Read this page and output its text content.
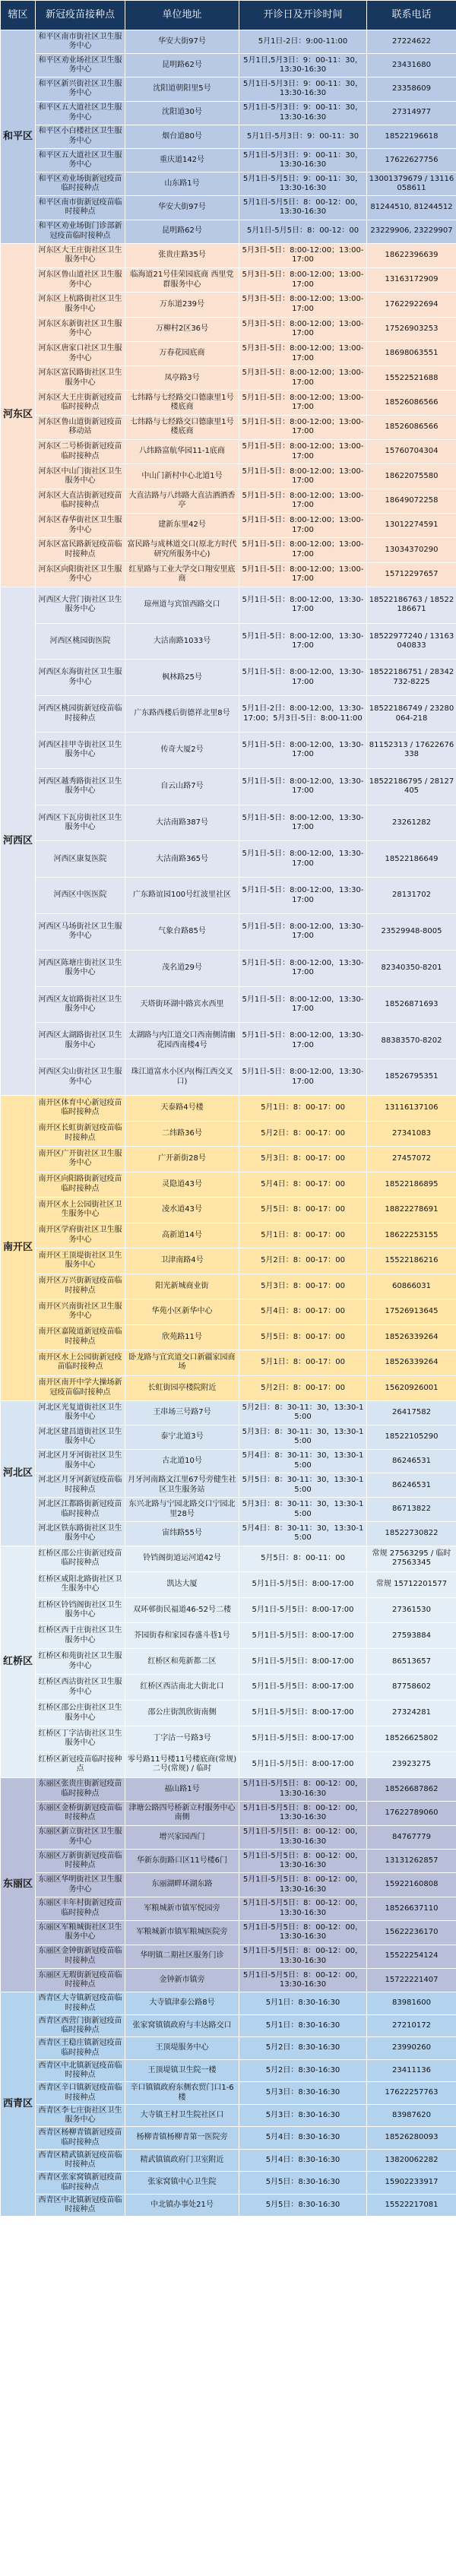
辖区	新冠疫苗接种点	单位地址	开诊日及开诊时间	联系电话
和平区	和平区南市街社区卫生服务中心	华安大街97号	5月1日-2日：9:00-11:00	27224622
	和平区劝业场社区卫生服务中心	昆明路62号	5月1日,5月3日：9：00-11：30，13:30-16:30	23431680
	和平区新兴街社区卫生服务中心	沈阳道朝阳里5号	5月1日-5月3日：9：00-11：30，13:30-16:30	23358609
	和平区五大道社区卫生服务中心	沈阳道30号	5月1日-5月3日：9：00-11：30，13:30-16:30	27314977
	和平区小白楼社区卫生服务中心	烟台道80号	5月1日-5月3日：9：00-11：30	18522196618
	和平区五大道社区卫生服务中心	重庆道142号	5月1日-5月3日：9：00-11：30，13:30-16:30	17622627756
	和平区劝业场街新冠疫苗临时接种点	山东路1号	5月1日-5月5日：9：00-11：30，13:30-16:30	13001379679 / 13116058611
	和平区南市街新冠疫苗临时接种点	华安大街97号	5月1日-5月5日：8：00-12：00，13:30-16:30	81244510, 81244512
	和平区劝业场街门诊部新冠疫苗临时接种点	昆明路62号	5月1日-5月5日：8：00-12：00	23229906, 23229907
河东区	河东区大王庄街社区卫生服务中心	张贵庄路35号	5月3日-5日：8:00-12:00；13:00-17:00	18622396639
	河东区鲁山道社区卫生服务中心	临海道21号佳荣园底商 西里党群服务中心	5月3日-5日：8:00-12:00；13:00-17:00	13163172909
	河东区上杭路街社区卫生服务中心	万东道239号	5月3日-5日：8:00-12:00；13:00-17:00	17622922694
	河东区东新街社区卫生服务中心	万柳村2区36号	5月3日-5日：8:00-12:00；13:00-17:00	17526903253
	河东区唐家口社区卫生服务中心	万春花园底商	5月3日-5日：8:00-12:00；13:00-17:00	18698063551
	河东区富民路街社区卫生服务中心	凤亭路3号	5月3日-5日：8:00-12:00；13:00-17:00	15522521688
	河东区大王庄街新冠疫苗临时接种点	七纬路与七经路交口德康里1号楼底商	5月1日-5日：8:00-12:00；13:00-17:00	18526086566
	河东区鲁山道街新冠疫苗移动站	七纬路与七经路交口德康里1号楼底商	5月1日-5日：8:00-12:00；13:00-17:00	18526086566
	河东区二号桥街新冠疫苗临时接种点	八纬路富航华园11-1底商	5月1日-5日：8:00-12:00；13:00-17:00	15760704304
	河东区中山门街社区卫生服务中心	中山门新村中心北道1号	5月1日-5日：8:00-12:00；13:00-17:00	18622075580
	河东区大直沽街新冠疫苗临时接种点	大直沽路与八纬路大直沽酒酒香亭	5月1日-5日：8:00-12:00；13:00-17:00	18649072258
	河东区春华街社区卫生服务中心	建新东里42号	5月1日-5日：8:00-12:00；13:00-17:00	13012274591
	河东区富民路新冠疫苗临时接种点	富民路与成林道交口(原北方时代研究所服务中心)	5月1日-5日：8:00-12:00；13:00-17:00	13034370290
	河东区向阳街社区卫生服务中心	红星路与工业大学交口翔安里底商	5月1日-5日：8:00-12:00；13:00-17:00	15712297657
河西区	河西区大营门街社区卫生服务中心	琼州道与宾馆西路交口	5月1日-5日：8:00-12:00，13:30-17:00	18522186763 / 18522186671
	河西区桃园街医院	大沽南路1033号	5月1日-5日：8:00-12:00，13:30-17:00	18522977240 / 13163040833
	河西区东海街社区卫生服务中心	枫林路25号	5月1日-5日：8:00-12:00，13:30-17:00	18522186751 / 28342732-8225
	河西区桃园街新冠疫苗临时接种点	广东路西楼后街德祥北里8号	5月1日-2日：8:00-12:00，13:30-17:00；5月3日-5日：8:00-11:00	18522186749 / 23280064-218
	河西区挂甲寺街社区卫生服务中心	传奇大厦2号	5月1日-5日：8:00-12:00，13:30-17:00	81152313 / 17622676338
	河西区越秀路街社区卫生服务中心	自云山路7号	5月1日-5日：8:00-12:00，13:30-17:00	18522186795 / 28127405
	河西区下瓦房街社区卫生服务中心	大沽南路387号	5月1日-5日：8:00-12:00，13:30-17:00	23261282
	河西区康复医院	大沽南路365号	5月1日-5日：8:00-12:00，13:30-17:00	18522186649
	河西区中医医院	广东路谊园100号红波里社区	5月1日-5日：8:00-12:00，13:30-17:00	28131702
	河西区马场街社区卫生服务中心	气象台路85号	5月1日-5日：8:00-12:00，13:30-17:00	23529948-8005
	河西区陈塘庄街社区卫生服务中心	茂名道29号	5月1日-5日：8:00-12:00，13:30-17:00	82340350-8201
	河西区友谊路街社区卫生服务中心	天塔街环湖中路宾水西里	5月1日-5日：8:00-12:00，13:30-17:00	18526871693
	河西区太湖路街社区卫生服务中心	太湖路与内江道交口西南侧清幽花园西南楼4号	5月1日-5日：8:00-12:00，13:30-17:00	88383570-8202
	河西区尖山街社区卫生服务中心	珠江道富水小区内(梅江西交叉口)	5月1日-5日：8:00-12:00，13:30-17:00	18526795351
南开区	南开区体育中心新冠疫苗临时接种点	天泰路4号楼	5月1日：8：00-17：00	13116137106
	南开区长虹街新冠疫苗临时接种点	二纬路36号	5月2日：8：00-17：00	27341083
	南开区广开街社区卫生服务中心	广开新街28号	5月3日：8：00-17：00	27457072
	南开区向阳路街新冠疫苗临时接种点	灵隐道43号	5月4日：8：00-17：00	18522186895
	南开区水上公园街社区卫生服务中心	凌水道43号	5月5日：8：00-17：00	18822278691
	南开区学府街社区卫生服务中心	高新道14号	5月1日：8：00-17：00	18622253155
	南开区王顶堤街社区卫生服务中心	卫津南路4号	5月2日：8：00-17：00	15522186216
	南开区万兴街新冠疫苗临时接种点	阳光新城商业街	5月3日：8：00-17：00	60866031
	南开区兴南街社区卫生服务中心	华苑小区新华中心	5月4日：8：00-17：00	17526913645
	南开区嘉陵道新冠疫苗临时接种点	欣苑路11号	5月5日：8：00-17：00	18526339264
	南开区水上公园街新冠疫苗临时接种点	卧龙路与宜宾道交口新疆家园商场	5月1日：8：00-17：00	18526339264
	南开区南开中学大操场新冠疫苗临时接种点	长虹街园亭楼院附近	5月2日：8：00-17：00	15620926001
河北区	河北区光复道街社区卫生服务中心	王串场三号路7号	5月2日：8：30-11：30，13:30-15:00	26417582
	河北区建昌道街社区卫生服务中心	泰宁北道3号	5月3日：8：30-11：30，13:30-15:00	18522105290
	河北区月牙河街社区卫生服务中心	古北道10号	5月4日：8：30-11：30，13:30-15:00	86246531
	河北区月牙河新冠疫苗临时接种点	月牙河南路文江里67号旁健生社区卫生服务站	5月5日：8：30-11：30，13:30-15:00	86246531
	河北区江都路街新冠疫苗临时接种点	东兴北路与宁园北路交口宁园北里28号	5月3日：8：30-11：30，13:30-15:00	86713822
	河北区铁东路街社区卫生服务中心	宙纬路55号	5月4日：8：30-11：30，13:30-15:00	18522730822
红桥区	红桥区邵公庄街新冠疫苗临时接种点	铃铛阁街道运河道42号	5月5日：8：00-11：00	常规 27563295 / 临时 27563345
	红桥区咸阳北路街社区卫生服务中心	凯达大厦	5月1日-5月5日：8:00-17:00	常规 15712201577
	红桥区铃铛阁街社区卫生服务中心	双环邨街民福道46-52号二楼	5月1日-5月5日：8:00-17:00	27361530
	红桥区西于庄街社区卫生服务中心	芥园街春和家园春盛斗巷1号	5月1日-5月5日：8:00-17:00	27593884
	红桥区和苑街社区卫生服务中心	红桥区和苑新都二区	5月1日-5月5日：8:00-17:00	86513657
	红桥区西沽街社区卫生服务中心	红桥区西沽南北大街北口	5月1日-5月5日：8:00-17:00	87758602
	红桥区邵公庄街社区卫生服务中心	邵公庄街凯欣街南侧	5月1日-5月5日：8:00-17:00	27324281
	红桥区丁字沽街社区卫生服务中心	丁字沽一号路3号	5月1日-5月5日：8:00-17:00	18526625802
	红桥区新冠疫苗临时接种点	零号路11号楼11号楼底商(常规)二号(常规) / 临时	5月1日-5月5日：8:00-17:00	23923275
东丽区	东丽区张贵庄街新冠疫苗临时接种点	福山路1号	5月1日-5月5日：8：00-12：00，13:30-16:30	18526687862
	东丽区金桥街新冠疫苗临时接种点	津塘公路四号桥新立村服务中心南侧	5月1日-5月5日：8：00-12：00，13:30-16:30	17622789060
	东丽区新立街社区卫生服务中心	增兴家园西门	5月1日-5月5日：8：00-12：00，13:30-16:30	84767779
	东丽区万新街新冠疫苗临时接种点	华新东街路口区11号楼6门	5月1日-5月5日：8：00-12：00，13:30-16:30	13131262857
	东丽区华明街社区卫生服务中心	东丽湖畔环湖东路	5月1日-5月5日：8：00-12：00，13:30-16:30	15922160808
	东丽区丰年村街新冠疫苗临时接种点	军粮城新市镇军悦园旁	5月1日-5月5日：8：00-12：00，13:30-16:30	18526637110
	东丽区军粮城街社区卫生服务中心	军粮城新市镇军粮城医院旁	5月1日-5月5日：8：00-12：00，13:30-16:30	15622236170
	东丽区金钟街新冠疫苗临时接种点	华明镇二期社区服务门诊	5月1日-5月5日：8：00-12：00，13:30-16:30	15522254124
	东丽区无瑕街新冠疫苗临时接种点	金钟新市镇旁	5月1日-5月5日：8：00-12：00，13:30-16:30	15722221407
西青区	西青区大寺镇新冠疫苗临时接种点	大寺镇津泰公路8号	5月1日：8:30-16:30	83981600
	西青区西营门街新冠疫苗临时接种点	张家窝镇镇政府与丰达路交口	5月1日：8:30-16:30	27210172
	西青区王稳庄镇新冠疫苗临时接种点	王顶堤服务中心	5月2日：8:30-16:30	23990260
	西青区中北镇新冠疫苗临时接种点	王顶堤镇卫生院一楼	5月2日：8:30-16:30	23411136
	西青区辛口镇新冠疫苗临时接种点	辛口镇镇政府东侧农贸门口1-6楼	5月3日：8:30-16:30	17622257763
	西青区李七庄街社区卫生服务中心	大寺镇王村卫生院社区口	5月3日：8:30-16:30	83987620
	西青区杨柳青镇新冠疫苗临时接种点	杨柳青镇杨柳青第一医院旁	5月4日：8:30-16:30	18526280093
	西青区精武镇新冠疫苗临时接种点	精武镇镇政府门卫室附近	5月4日：8:30-16:30	13820062282
	西青区张家窝镇新冠疫苗临时接种点	张家窝镇中心卫生院	5月5日：8:30-16:30	15902233917
	西青区中北镇新冠疫苗临时接种点	中北镇办事处21号	5月5日：8:30-16:30	15522217081
